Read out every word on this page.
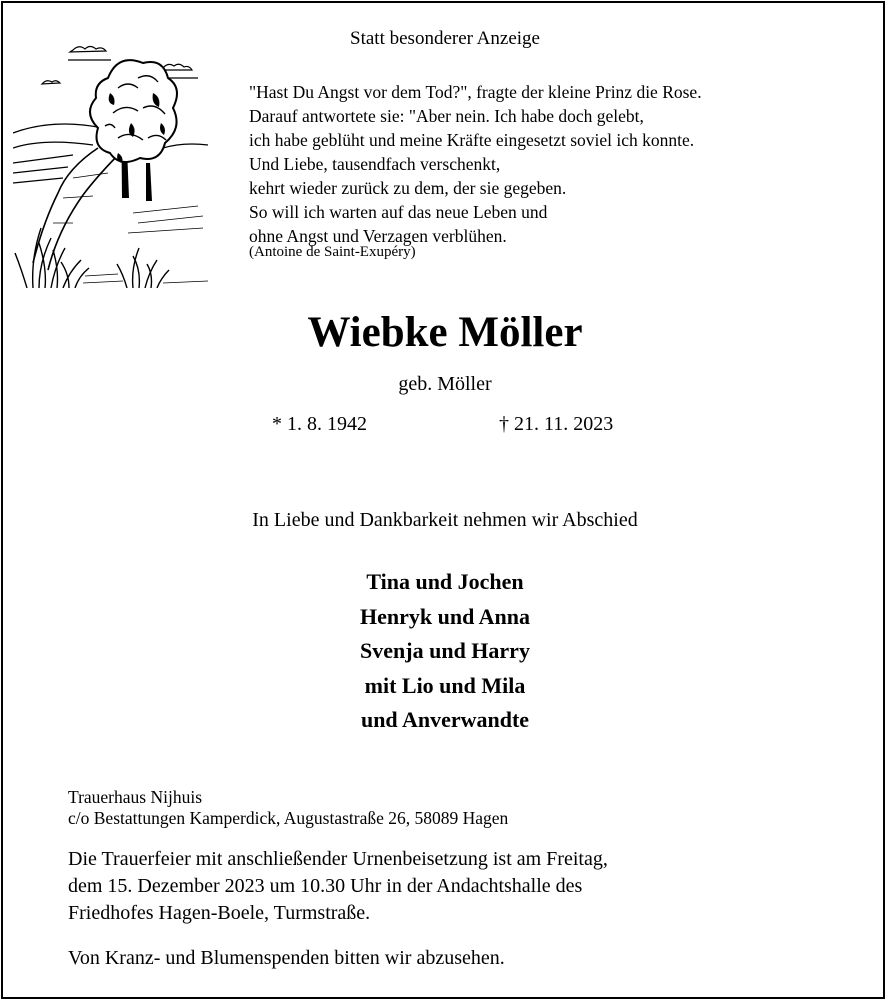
Statt besonderer Anzeige
"Hast Du Angst vor dem Tod?", fragte der kleine Prinz die Rose.
Darauf antwortete sie: "Aber nein. Ich habe doch gelebt,
ich habe geblüht und meine Kräfte eingesetzt soviel ich konnte.
Und Liebe, tausendfach verschenkt,
kehrt wieder zurück zu dem, der sie gegeben.
So will ich warten auf das neue Leben und
ohne Angst und Verzagen verblühen.
(Antoine de Saint-Exupéry)
Wiebke Möller
geb. Möller
* 1. 8. 1942	† 21. 11. 2023
In Liebe und Dankbarkeit nehmen wir Abschied
Tina und Jochen
Henryk und Anna
Svenja und Harry
mit Lio und Mila
und Anverwandte
Trauerhaus Nijhuis
c/o Bestattungen Kamperdick, Augustastraße 26, 58089 Hagen
Die Trauerfeier mit anschließender Urnenbeisetzung ist am Freitag,
dem 15. Dezember 2023 um 10.30 Uhr in der Andachtshalle des
Friedhofes Hagen-Boele, Turmstraße.
Von Kranz- und Blumenspenden bitten wir abzusehen.
